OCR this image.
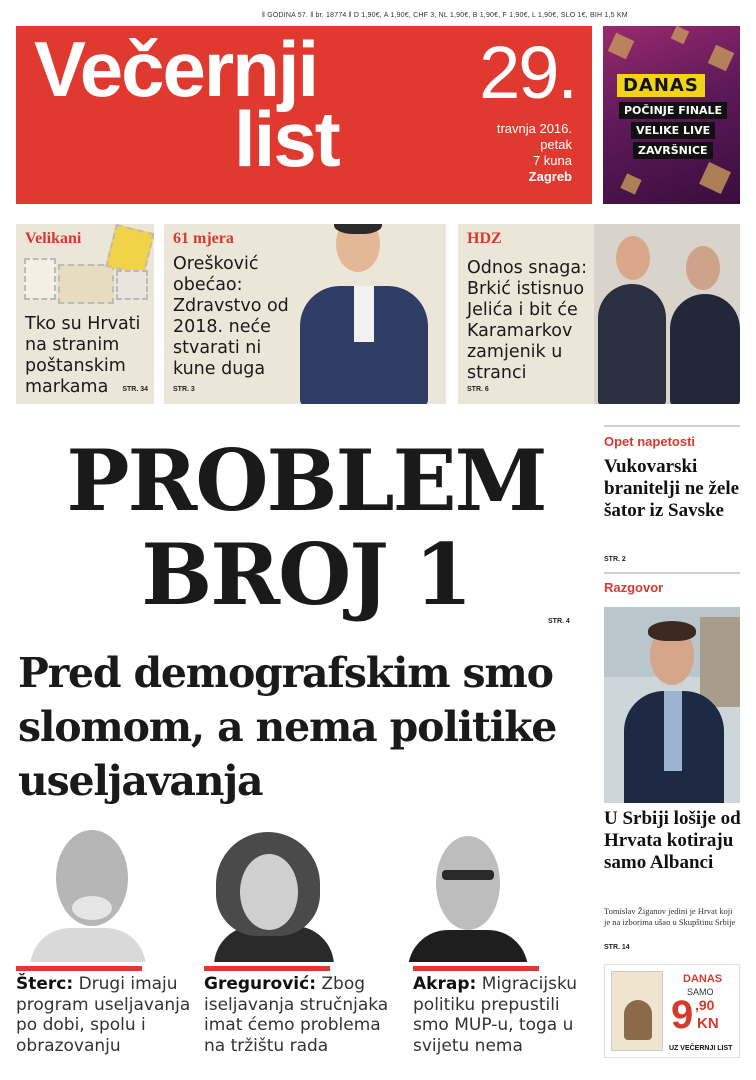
‖ GODINA 57. ‖ br. 18774 ‖ D 1,90€, A 1,90€, CHF 3, NL 1,90€, B 1,90€, F 1,90€, L 1,90€, SLO 1€, BIH 1,5 KM
Večernji
list
29.
travnja 2016.
petak
7 kuna
Zagreb
DANAS
POČINJE FINALE
VELIKE LIVE
ZAVRŠNICE
Velikani
Tko su Hrvati na stranim poštanskim markama	STR. 34
61 mjera
Orešković obećao: Zdravstvo od 2018. neće stvarati ni kune duga
STR. 3
HDZ
Odnos snaga: Brkić istisnuo Jelića i bit će Karamarkov zamjenik u stranci
STR. 6
Opet napetosti
Vukovarski branitelji ne žele šator iz Savske
STR. 2
Razgovor
U Srbiji lošije od Hrvata kotiraju samo Albanci
Tomislav Žiganov jedini je Hrvat koji je na izborima ušao u Skupštinu Srbije
STR. 14
PROBLEM
BROJ 1	STR. 4
Pred demografskim smo slomom, a nema politike useljavanja
Šterc: Drugi imaju program useljavanja po dobi, spolu i obrazovanju
Gregurović: Zbog iseljavanja stručnjaka imat ćemo problema na tržištu rada
Akrap: Migracijsku politiku prepustili smo MUP-u, toga u svijetu nema
DANAS
SAMO
9 ,90
KN
UZ VEČERNJI LIST
